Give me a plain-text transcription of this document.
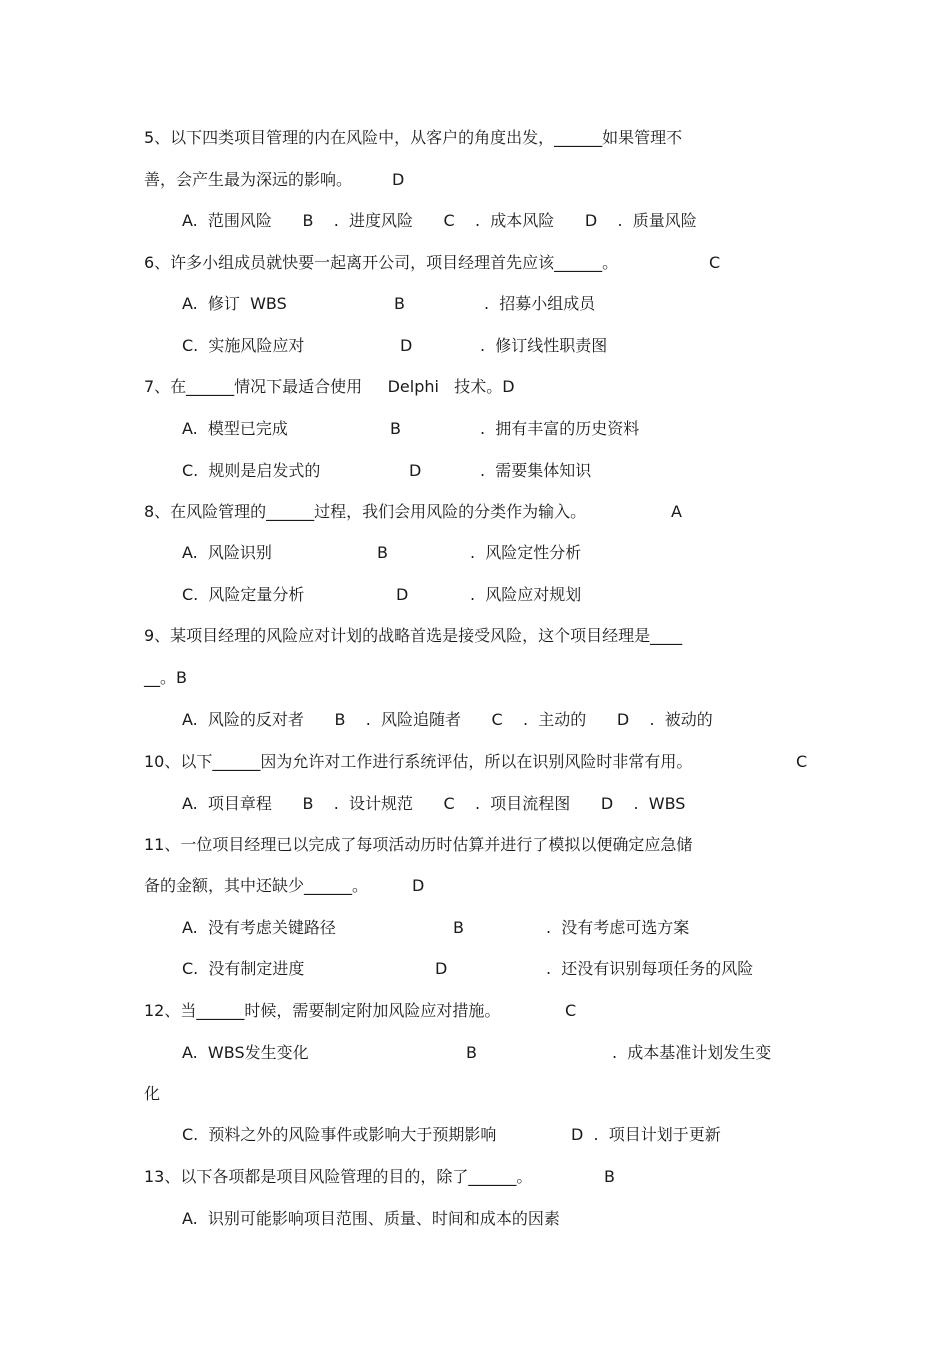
5、以下四类项目管理的内在风险中，从客户的角度出发，______如果管理不
善，会产生最为深远的影响。 D
A.  范围风险      B    .  进度风险      C    .  成本风险      D    .  质量风险
6、许多小组成员就快要一起离开公司，项目经理首先应该______。	C
A.  修订  WBS	B	.  招募小组成员
C.  实施风险应对	D	.  修订线性职责图
7、在______情况下最适合使用     Delphi   技术。D
A.  模型已完成	B	.  拥有丰富的历史资料
C.  规则是启发式的	D	.  需要集体知识
8、在风险管理的______过程，我们会用风险的分类作为输入。	A
A.  风险识别	B	.  风险定性分析
C.  风险定量分析	D	.  风险应对规划
9、某项目经理的风险应对计划的战略首选是接受风险，这个项目经理是____
__。B
A.  风险的反对者      B    .  风险追随者      C    .  主动的      D    .  被动的
10、以下______因为允许对工作进行系统评估，所以在识别风险时非常有用。	C
A.  项目章程      B    .  设计规范      C    .  项目流程图      D    .  WBS
11、一位项目经理已以完成了每项活动历时估算并进行了模拟以便确定应急储
备的金额，其中还缺少______。	D
A.  没有考虑关键路径	B	.  没有考虑可选方案
C.  没有制定进度	D	.  还没有识别每项任务的风险
12、当______时候，需要制定附加风险应对措施。	C
A.  WBS发生变化	B	.  成本基准计划发生变
化
C.  预料之外的风险事件或影响大于预期影响	D  .  项目计划于更新
13、以下各项都是项目风险管理的目的，除了______。	B
A.  识别可能影响项目范围、质量、时间和成本的因素
